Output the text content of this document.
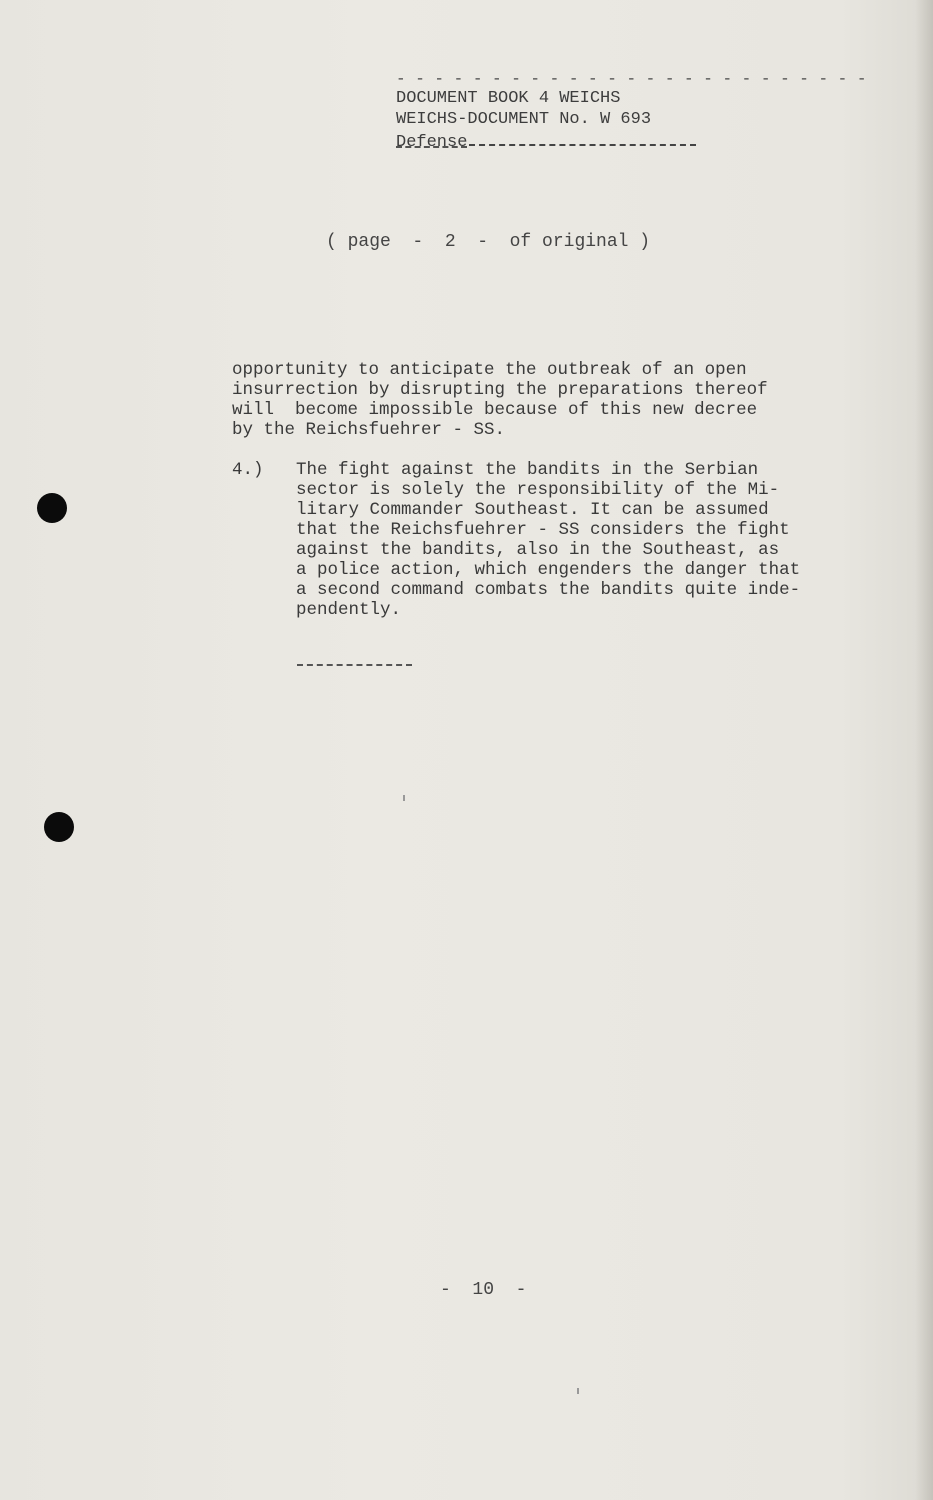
- - - - - - - - - - - - - - - - - - - - - - - - -
DOCUMENT BOOK 4 WEICHS
WEICHS-DOCUMENT No. W 693
Defense
( page  -  2  -  of original )
opportunity to anticipate the outbreak of an open
insurrection by disrupting the preparations thereof
will  become impossible because of this new decree
by the Reichsfuehrer - SS.
4.) The fight against the bandits in the Serbian
sector is solely the responsibility of the Mi-
litary Commander Southeast. It can be assumed
that the Reichsfuehrer - SS considers the fight
against the bandits, also in the Southeast, as
a police action, which engenders the danger that
a second command combats the bandits quite inde-
pendently.
-  10  -
